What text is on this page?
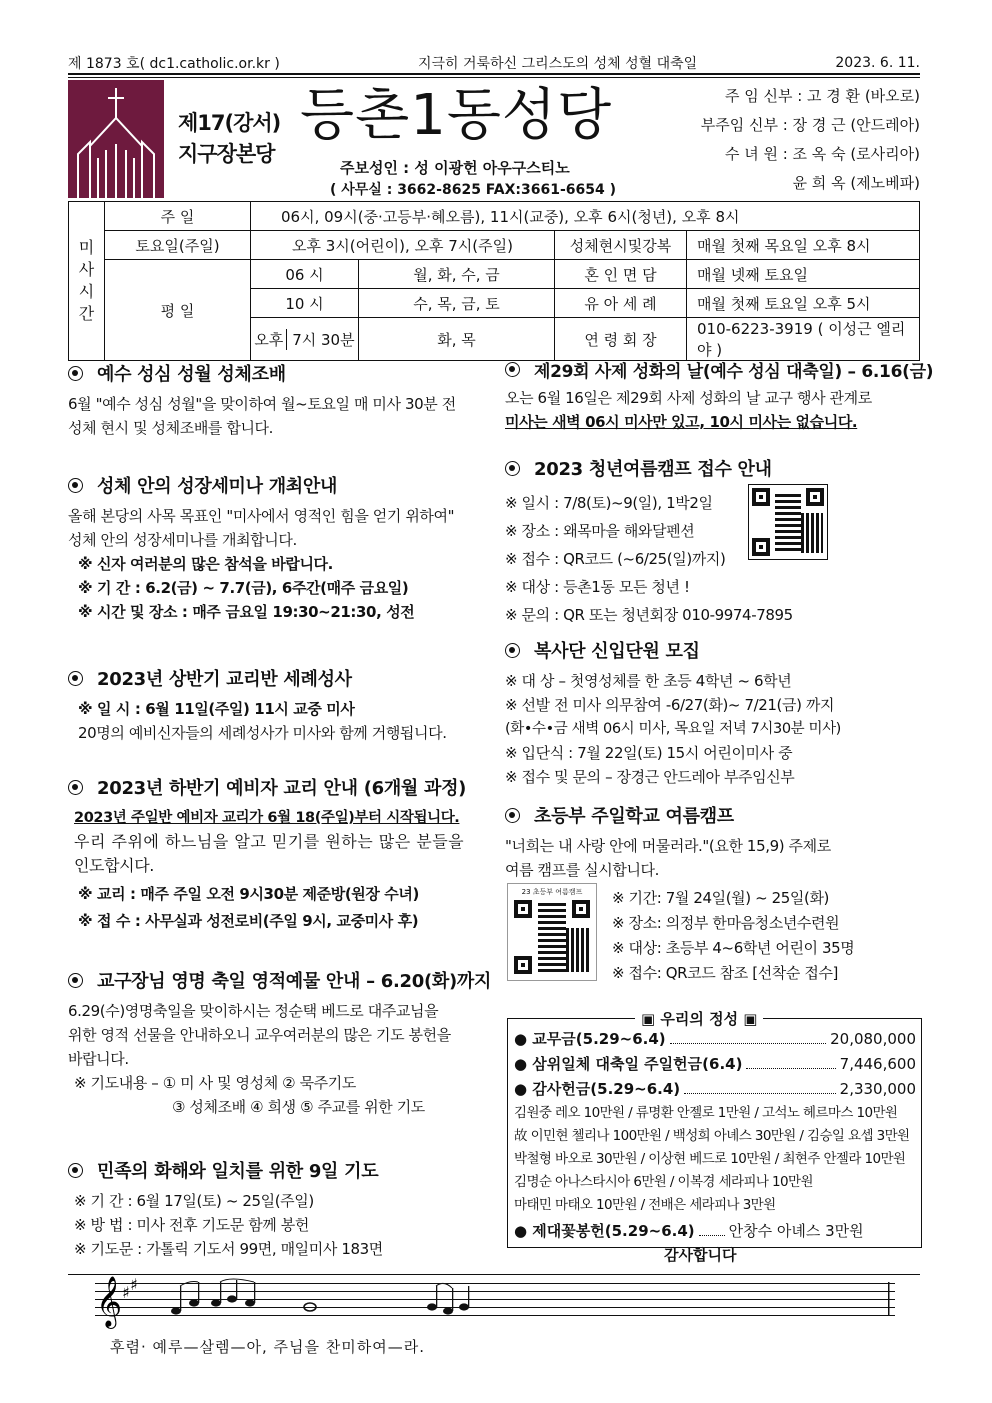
제 1873 호( dc1.catholic.or.kr )	지극히 거룩하신 그리스도의 성체 성혈 대축일	2023. 6. 11.
제17(강서)
지구장본당
등촌1동성당
주보성인 : 성 이광헌 아우구스티노
( 사무실 : 3662-8625 FAX:3661-6654 )
주 임 신부 : 고 경 환 (바오로)
부주임 신부 : 장 경 근 (안드레아)
수 녀 원 : 조 옥 숙 (로사리아)
윤 희 옥 (제노베파)
미사시간	주 일	06시, 09시(중·고등부·혜오름), 11시(교중), 오후 6시(청년), 오후 8시			
	토요일(주일)	오후 3시(어린이), 오후 7시(주일)		성체현시및강복	매월 첫째 목요일 오후 8시
	평 일	06 시	월, 화, 수, 금	혼 인 면 담	매월 넷째 토요일
		10 시	수, 목, 금, 토	유 아 세 례	매월 첫째 토요일 오후 5시
		오후 7시 30분	화, 목	연 령 회 장	010-6223-3919 ( 이성근 엘리야 )
예수 성심 성월 성체조배
6월 "예수 성심 성월"을 맞이하여 월~토요일 매 미사 30분 전
성체 현시 및 성체조배를 합니다.
성체 안의 성장세미나 개최안내
올해 본당의 사목 목표인 "미사에서 영적인 힘을 얻기 위하여"
성체 안의 성장세미나를 개최합니다.
※ 신자 여러분의 많은 참석을 바랍니다.
※ 기 간 : 6.2(금) ~ 7.7(금), 6주간(매주 금요일)
※ 시간 및 장소 : 매주 금요일 19:30~21:30, 성전
2023년 상반기 교리반 세례성사
※ 일 시 : 6월 11일(주일) 11시 교중 미사
20명의 예비신자들의 세례성사가 미사와 함께 거행됩니다.
2023년 하반기 예비자 교리 안내 (6개월 과정)
2023년 주일반 예비자 교리가 6월 18(주일)부터 시작됩니다.
우리 주위에 하느님을 알고 믿기를 원하는 많은 분들을
인도합시다.
※ 교리 : 매주 주일 오전 9시30분 제준방(원장 수녀)
※ 접 수 : 사무실과 성전로비(주일 9시, 교중미사 후)
교구장님 영명 축일 영적예물 안내 – 6.20(화)까지
6.29(수)영명축일을 맞이하시는 정순택 베드로 대주교님을
위한 영적 선물을 안내하오니 교우여러분의 많은 기도 봉헌을
바랍니다.
※ 기도내용 – ① 미 사 및 영성체 ② 묵주기도
③ 성체조배 ④ 희생 ⑤ 주교를 위한 기도
민족의 화해와 일치를 위한 9일 기도
※ 기 간 : 6월 17일(토) ~ 25일(주일)
※ 방 법 : 미사 전후 기도문 함께 봉헌
※ 기도문 : 가톨릭 기도서 99면, 매일미사 183면
제29회 사제 성화의 날(예수 성심 대축일) – 6.16(금)
오는 6월 16일은 제29회 사제 성화의 날 교구 행사 관계로
미사는 새벽 06시 미사만 있고, 10시 미사는 없습니다.
2023 청년여름캠프 접수 안내
※ 일시 : 7/8(토)~9(일), 1박2일
※ 장소 : 왜목마을 해와달펜션
※ 접수 : QR코드 (~6/25(일)까지)
※ 대상 : 등촌1동 모든 청년 !
※ 문의 : QR 또는 청년회장 010-9974-7895
복사단 신입단원 모집
※ 대 상 – 첫영성체를 한 초등 4학년 ~ 6학년
※ 선발 전 미사 의무참여 -6/27(화)~ 7/21(금) 까지
(화•수•금 새벽 06시 미사, 목요일 저녁 7시30분 미사)
※ 입단식 : 7월 22일(토) 15시 어린이미사 중
※ 접수 및 문의 – 장경근 안드레아 부주임신부
초등부 주일학교 여름캠프
"너희는 내 사랑 안에 머물러라."(요한 15,9) 주제로
여름 캠프를 실시합니다.
23 초등부 여름캠프	※ 기간: 7월 24일(월) ~ 25일(화)
※ 장소: 의정부 한마음청소년수련원
※ 대상: 초등부 4~6학년 어린이 35명
※ 접수: QR코드 참조 [선착순 접수]
● 교무금(5.29~6.4)	20,080,000
● 삼위일체 대축일 주일헌금(6.4)	7,446,600
● 감사헌금(5.29~6.4)	2,330,000
김원중 레오 10만원 / 류명환 안젤로 1만원 / 고석노 헤르마스 10만원
故 이민현 첼리나 100만원 / 백성희 아녜스 30만원 / 김승일 요셉 3만원
박철형 바오로 30만원 / 이상현 베드로 10만원 / 최현주 안젤라 10만원
김명순 아나스타시아 6만원 / 이복경 세라피나 10만원
마태민 마태오 10만원 / 전배은 세라피나 3만원
● 제대꽃봉헌(5.29~6.4) 안창수 아녜스 3만원
▣ 우리의 정성 ▣
감사합니다
𝄞 ♯ ♯
후렴· 예루—살렘—아, 주님을 찬미하여—라.
